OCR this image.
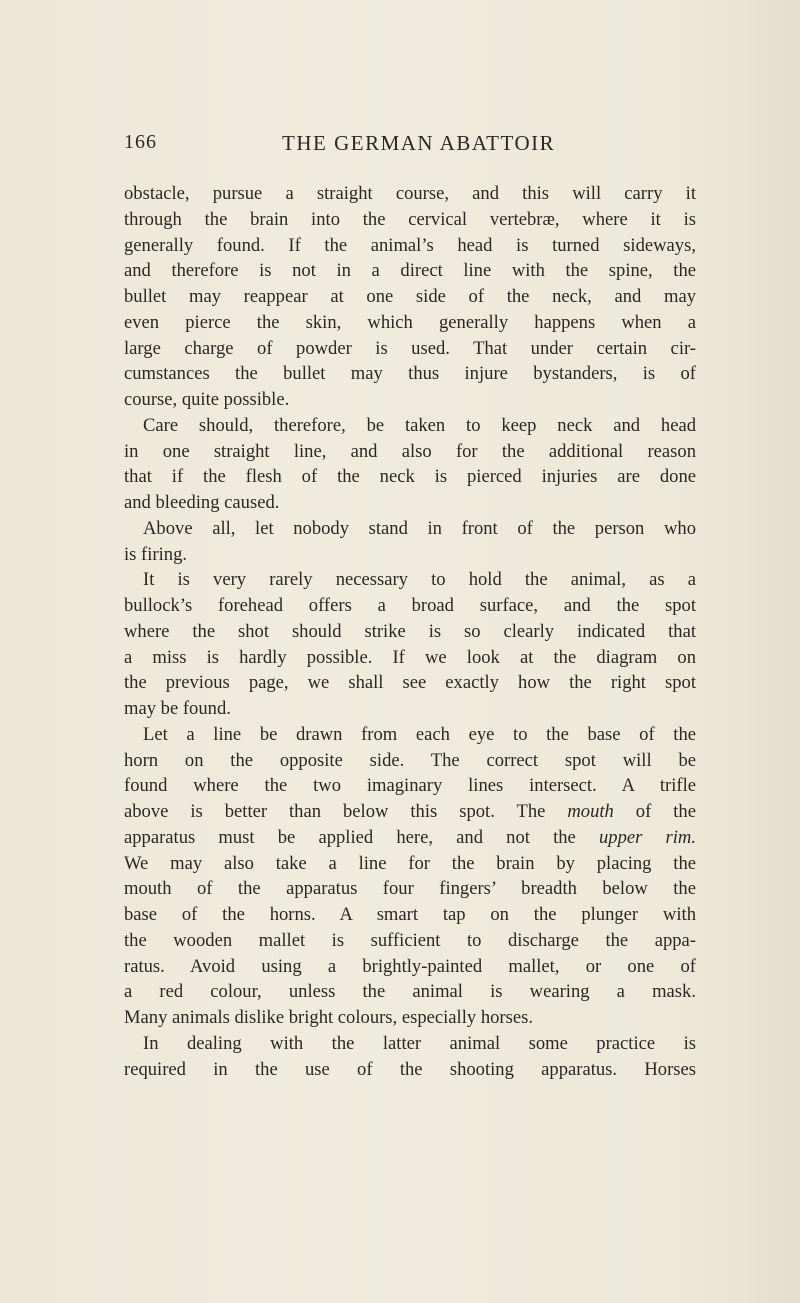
166	THE GERMAN ABATTOIR
obstacle, pursue a straight course, and this will carry it
through the brain into the cervical vertebræ, where it is
generally found. If the animal’s head is turned sideways,
and therefore is not in a direct line with the spine, the
bullet may reappear at one side of the neck, and may
even pierce the skin, which generally happens when a
large charge of powder is used. That under certain cir-
cumstances the bullet may thus injure bystanders, is of
course, quite possible.
Care should, therefore, be taken to keep neck and head
in one straight line, and also for the additional reason
that if the flesh of the neck is pierced injuries are done
and bleeding caused.
Above all, let nobody stand in front of the person who
is firing.
It is very rarely necessary to hold the animal, as a
bullock’s forehead offers a broad surface, and the spot
where the shot should strike is so clearly indicated that
a miss is hardly possible. If we look at the diagram on
the previous page, we shall see exactly how the right spot
may be found.
Let a line be drawn from each eye to the base of the
horn on the opposite side. The correct spot will be
found where the two imaginary lines intersect. A trifle
above is better than below this spot. The mouth of the
apparatus must be applied here, and not the upper rim.
We may also take a line for the brain by placing the
mouth of the apparatus four fingers’ breadth below the
base of the horns. A smart tap on the plunger with
the wooden mallet is sufficient to discharge the appa-
ratus. Avoid using a brightly-painted mallet, or one of
a red colour, unless the animal is wearing a mask.
Many animals dislike bright colours, especially horses.
In dealing with the latter animal some practice is
required in the use of the shooting apparatus. Horses
